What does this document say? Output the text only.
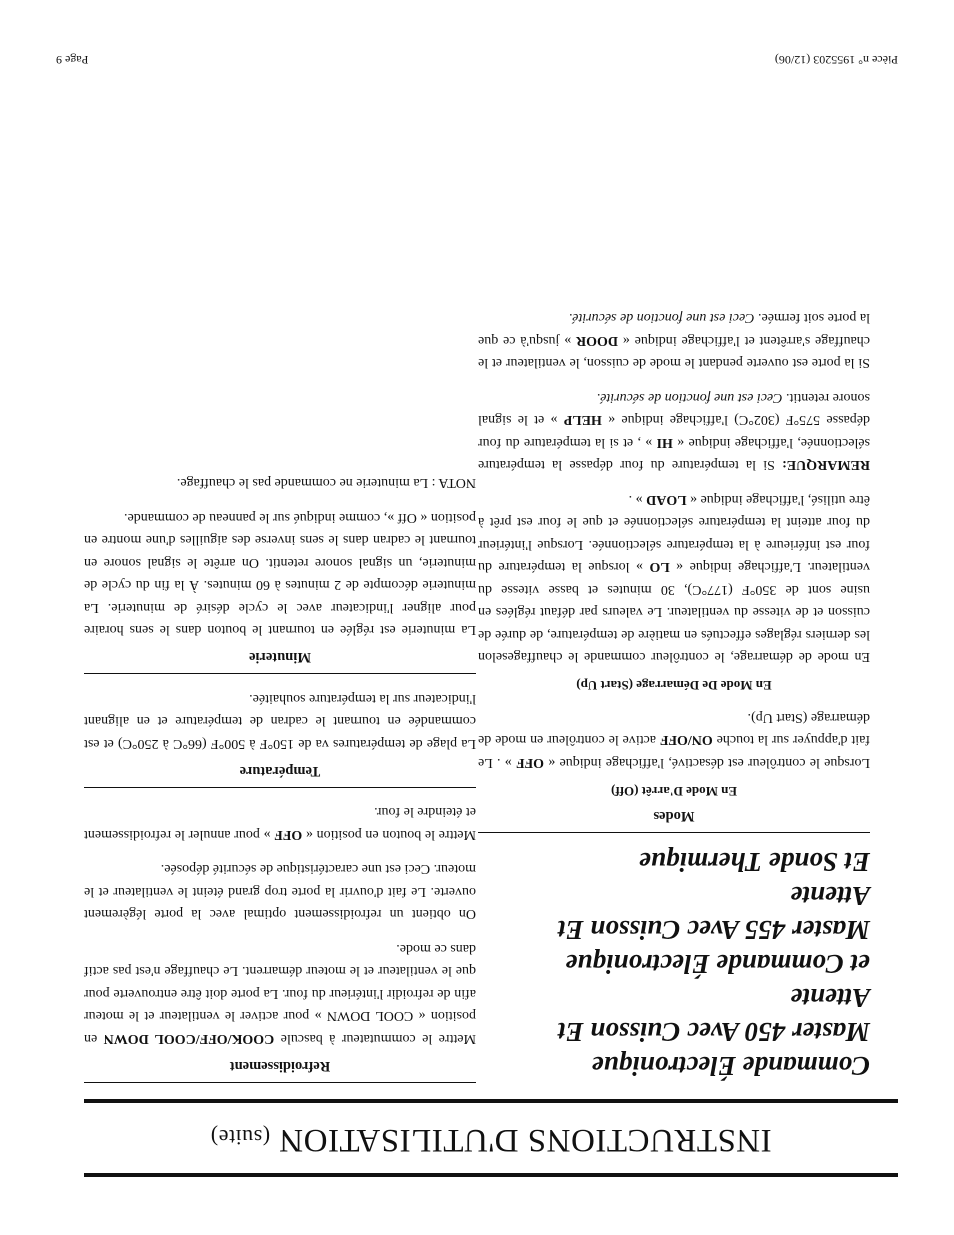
INSTRUCTIONS D'UTILISATION (suite)
Commande Électronique
Master 450 Avec Cuisson Et Attente
et Commande Électronique
Master 455 Avec Cuisson Et Attente
Et Sonde Thermique
Modes
En Mode D'arrêt (Off)

Lorsque le contrôleur est désactivé, l'affichage indique « OFF » . Le fait d'appuyer sur la touche ON/OFF active le contrôleur en mode de démarrage (Start Up).

En Mode De Démarrage (Start Up)

En mode de démarrage, le contrôleur commande le chauffageselon les derniers réglages effectués en matière de température, de durée de cuisson et de vitesse du ventilateur. Le valeurs par défaut réglées en usine sont de 350°F (177°C), 30 minutes et basse vitesse du ventilateur. L'affichage indique « LO » lorsque la température du four est inférieure à la température sélectionnée. Lorsque l'intérieur du four atteint la température sélectionnée et que le four est prêt à être utilisé, l'affichage indique « LOAD » .

REMARQUE: Si la température du four dépasse la température sélectionnée, l'affichage indique « HI » , et si la température du four dépasse 575°F (302°C) l'affichage indique « HELP » et le signal sonore retentit. Ceci est une fonction de sécurité.

Si la porte est ouverte pendant le mode de cuisson, le ventilateur et le chauffage s'arrêtent et l'affichage indique « DOOR » jusqu'à ce que la porte soit fermée. Ceci est une fonction de sécurité.

Refroidissement

Mettre le commutateur à bascule COOK/OFF/COOL DOWN en position « COOL DOWN » pour activer le ventilateur et le moteur afin de refroidir l'intérieur du four. La porte doit être entrouverte pour que le ventilateur et le moteur démarrent. Le chauffage n'est pas actif dans ce mode.

On obtient un refroidissement optimal avec la porte légèrement ouverte. Le fait d'ouvrir la porte trop grand éteint le ventilateur et le moteur. Ceci est une caractéristique de sécurité déposée.

Mettre le bouton en position « OFF » pour annuler le refroidissement et éteindre le four.

Température

La plage de températures va de 150°F à 500°F (66°C à 250°C) et est commandée en tournant le cadran de température et en alignant l'indicateur sur la température souhaitée.

Minuterie

La minuterie est réglée en tournant le bouton dans le sens horaire pour aligner l'indicateur avec le cycle désiré de minuterie. La minuterie décompte de 2 minutes à 60 minutes. À la fin du cycle de minuterie, un signal sonore retentit. On arrête le signal sonore en tournant le cadran dans le sens inverse des aiguilles d'une montre en position « Off », comme indiqué sur le panneau de commande.

NOTA : La minuterie ne commande pas le chauffage.

Pièce n° 1955203 (12/06)
Page 9
